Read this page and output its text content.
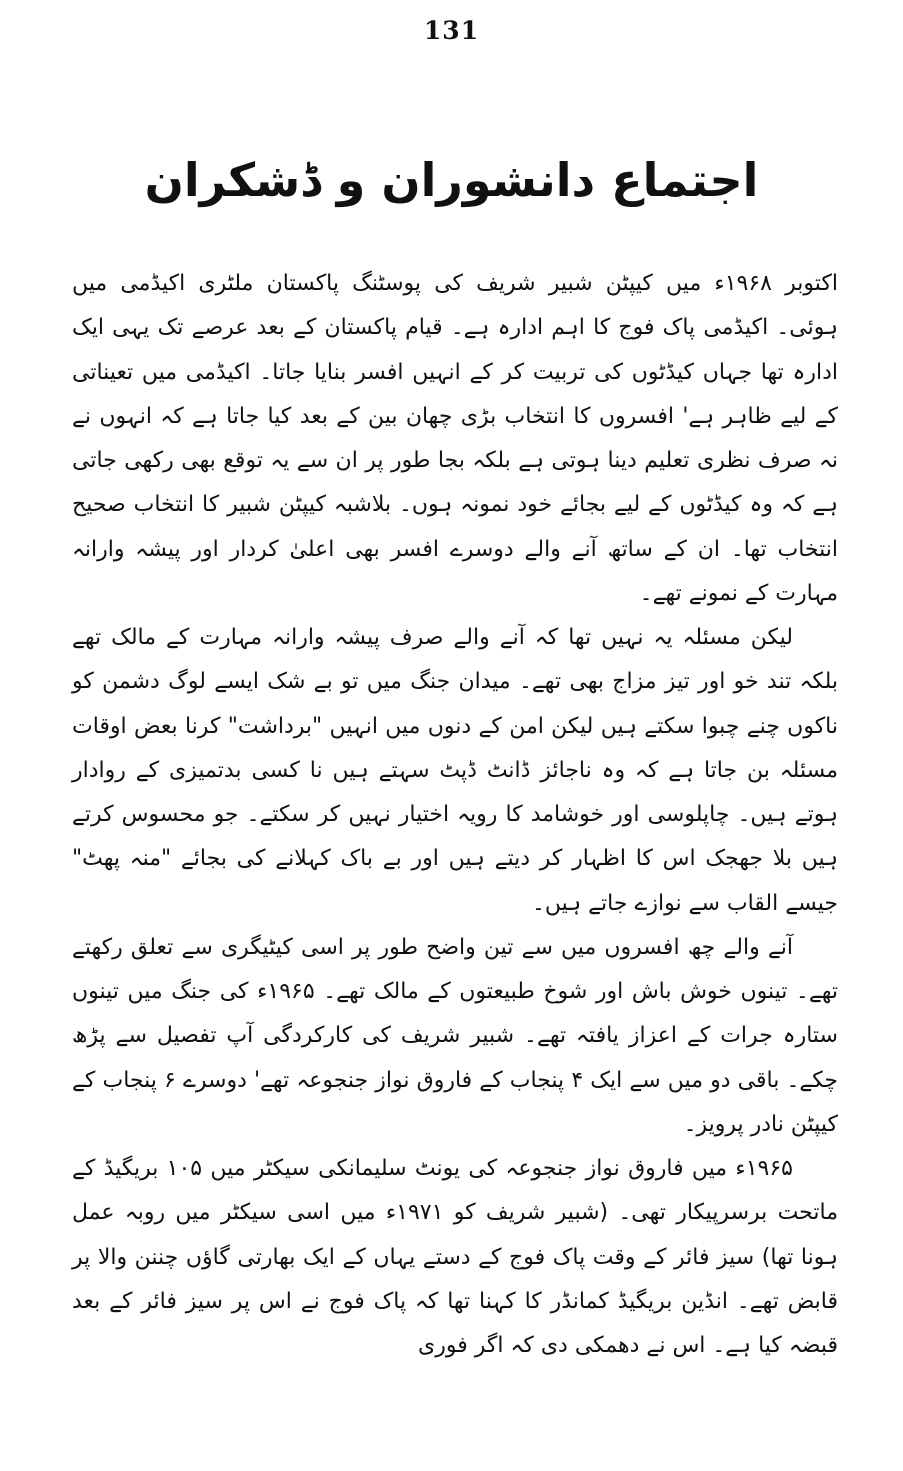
131
اجتماع دانشوران و ڈشکران

اکتوبر ۱۹۶۸ء میں کیپٹن شبیر شریف کی پوسٹنگ پاکستان ملٹری اکیڈمی میں ہوئی۔ اکیڈمی پاک فوج کا اہم ادارہ ہے۔ قیام پاکستان کے بعد عرصے تک یہی ایک ادارہ تھا جہاں کیڈٹوں کی تربیت کر کے انہیں افسر بنایا جاتا۔ اکیڈمی میں تعیناتی کے لیے ظاہر ہے' افسروں کا انتخاب بڑی چھان بین کے بعد کیا جاتا ہے کہ انہوں نے نہ صرف نظری تعلیم دینا ہوتی ہے بلکہ بجا طور پر ان سے یہ توقع بھی رکھی جاتی ہے کہ وہ کیڈٹوں کے لیے بجائے خود نمونہ ہوں۔ بلاشبہ کیپٹن شبیر کا انتخاب صحیح انتخاب تھا۔ ان کے ساتھ آنے والے دوسرے افسر بھی اعلیٰ کردار اور پیشہ وارانہ مہارت کے نمونے تھے۔

لیکن مسئلہ یہ نہیں تھا کہ آنے والے صرف پیشہ وارانہ مہارت کے مالک تھے بلکہ تند خو اور تیز مزاج بھی تھے۔ میدان جنگ میں تو بے شک ایسے لوگ دشمن کو ناکوں چنے چبوا سکتے ہیں لیکن امن کے دنوں میں انہیں "برداشت" کرنا بعض اوقات مسئلہ بن جاتا ہے کہ وہ ناجائز ڈانٹ ڈپٹ سہتے ہیں نا کسی بدتمیزی کے روادار ہوتے ہیں۔ چاپلوسی اور خوشامد کا رویہ اختیار نہیں کر سکتے۔ جو محسوس کرتے ہیں بلا جھجک اس کا اظہار کر دیتے ہیں اور بے باک کہلانے کی بجائے "منہ پھٹ" جیسے القاب سے نوازے جاتے ہیں۔

آنے والے چھ افسروں میں سے تین واضح طور پر اسی کیٹیگری سے تعلق رکھتے تھے۔ تینوں خوش باش اور شوخ طبیعتوں کے مالک تھے۔ ۱۹۶۵ء کی جنگ میں تینوں ستارہ جرات کے اعزاز یافتہ تھے۔ شبیر شریف کی کارکردگی آپ تفصیل سے پڑھ چکے۔ باقی دو میں سے ایک ۴ پنجاب کے فاروق نواز جنجوعہ تھے' دوسرے ۶ پنجاب کے کیپٹن نادر پرویز۔

۱۹۶۵ء میں فاروق نواز جنجوعہ کی یونٹ سلیمانکی سیکٹر میں ۱۰۵ بریگیڈ کے ماتحت برسرپیکار تھی۔ (شبیر شریف کو ۱۹۷۱ء میں اسی سیکٹر میں روبہ عمل ہونا تھا) سیز فائر کے وقت پاک فوج کے دستے یہاں کے ایک بھارتی گاؤں چننن والا پر قابض تھے۔ انڈین بریگیڈ کمانڈر کا کہنا تھا کہ پاک فوج نے اس پر سیز فائر کے بعد قبضہ کیا ہے۔ اس نے دھمکی دی کہ اگر فوری
